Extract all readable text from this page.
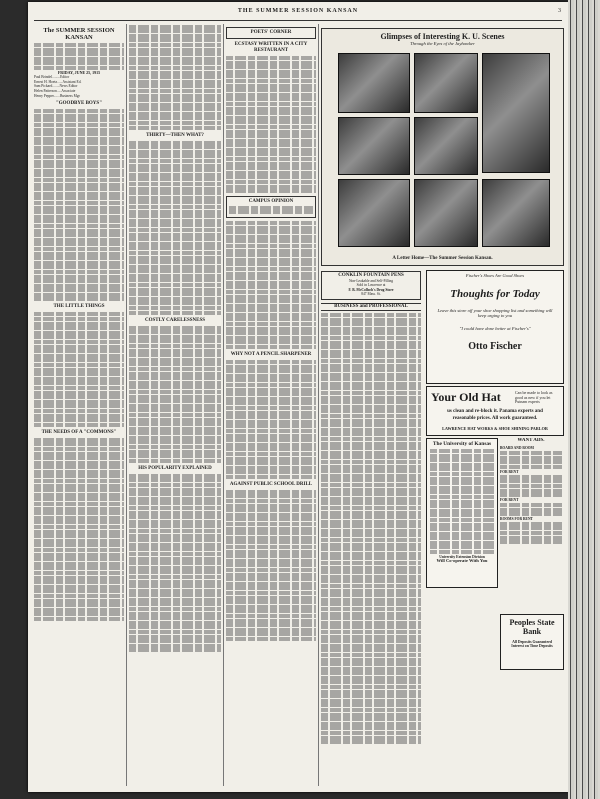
THE SUMMER SESSION KANSAN	3
The SUMMER SESSION KANSAN
FRIDAY, JUNE 25, 1915
Paul Brindel.........Editor
Ernest H. Hoetz......Assistant Ed.
Sam Pickard........News Editor
Helen Patterson.....Associate
Henry Pepper.......Business Mgr
"GOODBYE BOYS"
THE LITTLE THINGS
THE NEEDS OF A "COMMONS"
THIRTY—THEN WHAT?
COSTLY CARELESSNESS
HIS POPULARITY EXPLAINED
POETS' CORNER
ECSTASY WRITTEN IN A CITY RESTAURANT
CAMPUS OPINION
WHY NOT A PENCIL SHARPENER
AGAINST PUBLIC SCHOOL DRILL
Glimpses of Interesting K. U. Scenes
Through the Eyes of the Jayhawker
A Letter Home—The Summer Session Kansan.
CONKLIN FOUNTAIN PENS
Non-Leakable and Self-Filling
Sold in Lawrence at
F. B. McColloch's Drug Store
847 Mass. St.
BUSINESS and PROFESSIONAL
Fischer's Shoes Are Good Shoes
Thoughts for Today
Leave this store off your shoe shopping list and something will keep urging to you
"I could have done better at Fischer's"
Otto Fischer
Your Old Hat	Can be made to look as good as new if you let Putnam experts
us clean and re-block it. Panama experts and
reasonable prices. All work guaranteed.
LAWRENCE HAT WORKS & SHOE SHINING PARLOR
The University of Kansas
University Extension Division
Will Co-operate With You
WANT ADS.
BOARD AND ROOM
FOR RENT
FOR RENT
ROOMS FOR RENT
Peoples State Bank
All Deposits Guaranteed
Interest on Time Deposits
